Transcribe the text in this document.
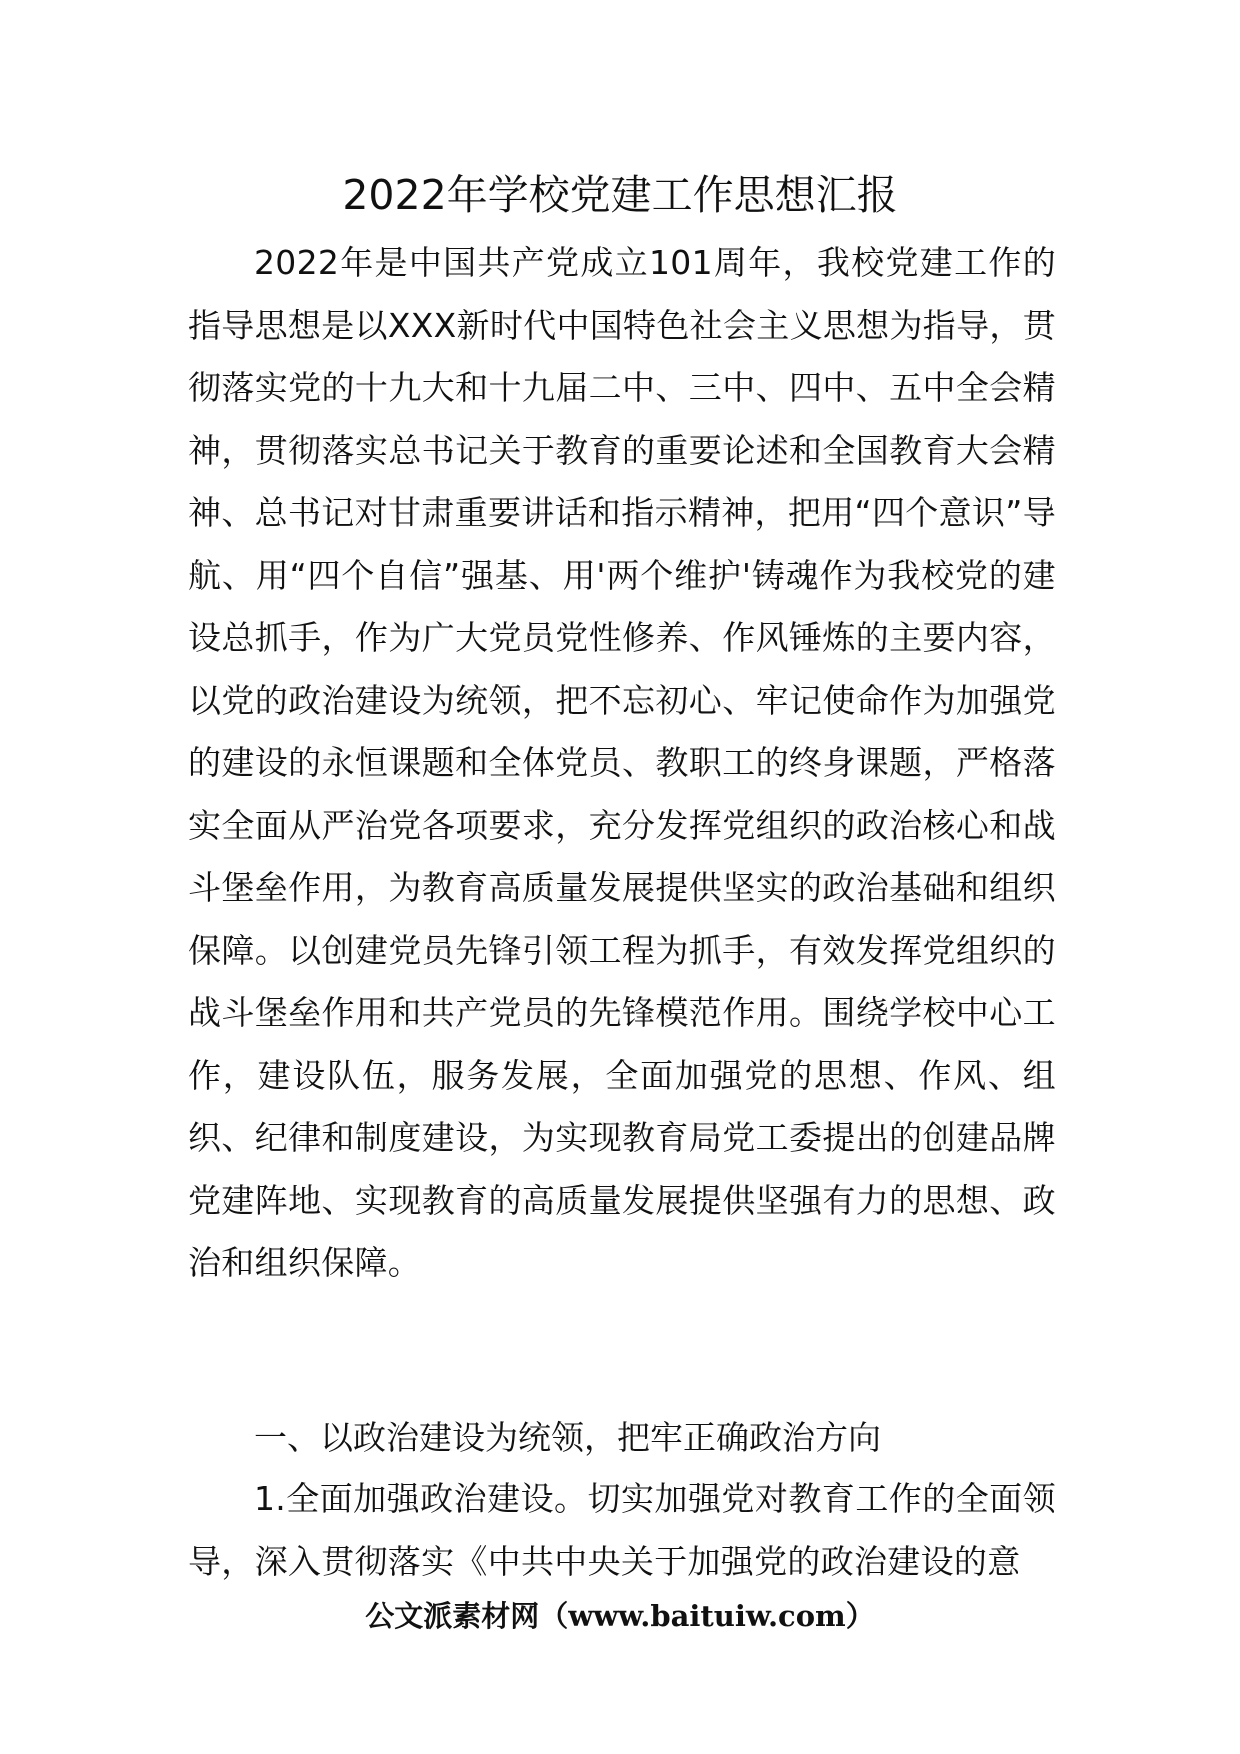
2022年学校党建工作思想汇报

2022年是中国共产党成立101周年，我校党建工作的指导思想是以XXX新时代中国特色社会主义思想为指导，贯彻落实党的十九大和十九届二中、三中、四中、五中全会精神，贯彻落实总书记关于教育的重要论述和全国教育大会精神、总书记对甘肃重要讲话和指示精神，把用“四个意识”导航、用“四个自信”强基、用'两个维护'铸魂作为我校党的建设总抓手，作为广大党员党性修养、作风锤炼的主要内容，以党的政治建设为统领，把不忘初心、牢记使命作为加强党的建设的永恒课题和全体党员、教职工的终身课题，严格落实全面从严治党各项要求，充分发挥党组织的政治核心和战斗堡垒作用，为教育高质量发展提供坚实的政治基础和组织保障。以创建党员先锋引领工程为抓手，有效发挥党组织的战斗堡垒作用和共产党员的先锋模范作用。围绕学校中心工作，建设队伍，服务发展，全面加强党的思想、作风、组织、纪律和制度建设，为实现教育局党工委提出的创建品牌党建阵地、实现教育的高质量发展提供坚强有力的思想、政治和组织保障。

一、以政治建设为统领，把牢正确政治方向

1.全面加强政治建设。切实加强党对教育工作的全面领导，深入贯彻落实《中共中央关于加强党的政治建设的意

公文派素材网（www.baituiw.com）
